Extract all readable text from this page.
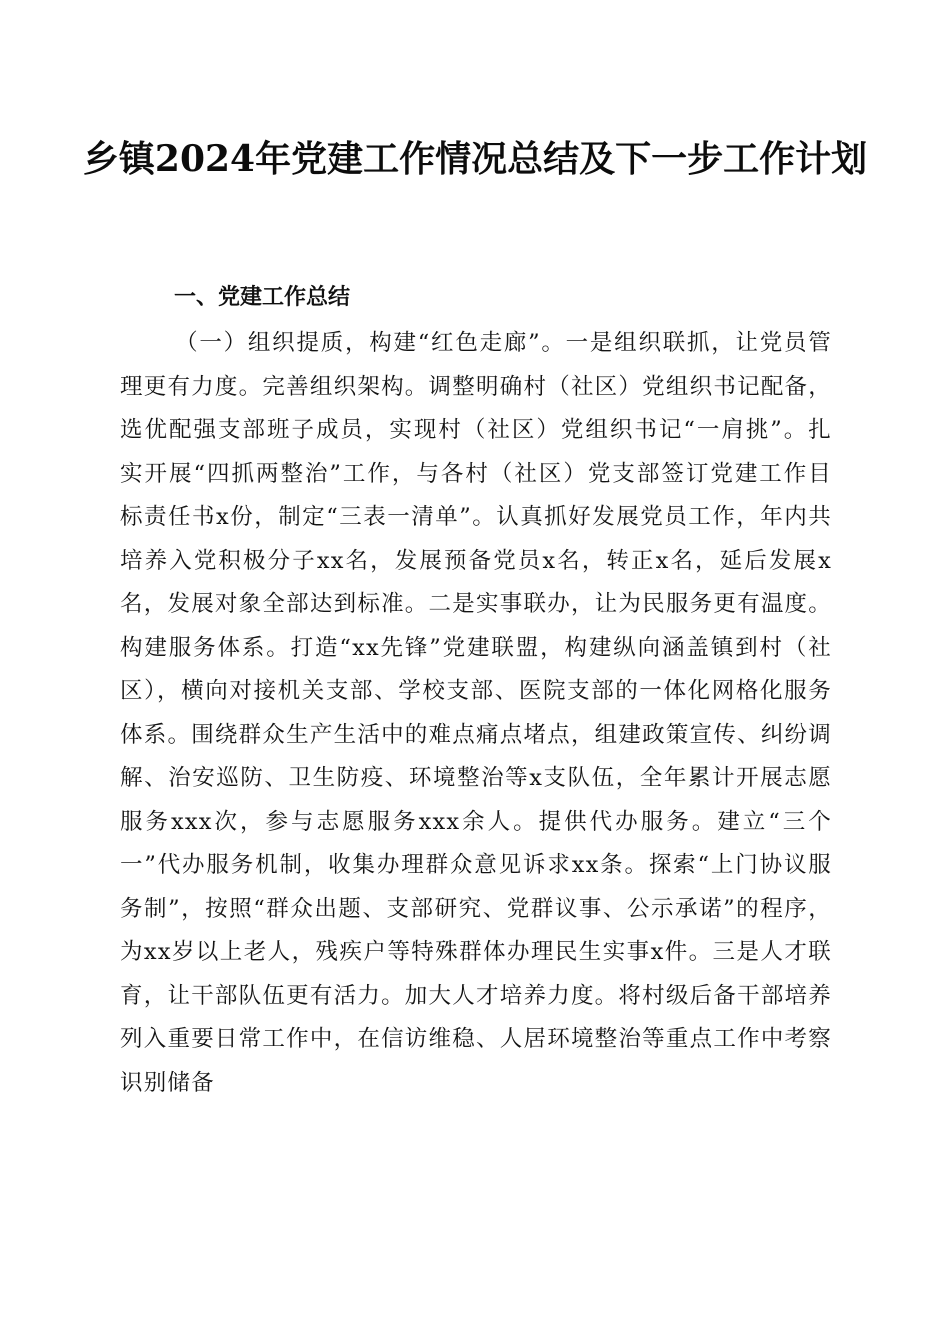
乡镇2024年党建工作情况总结及下一步工作计划
一、党建工作总结

（一）组织提质，构建“红色走廊”。一是组织联抓，让党员管理更有力度。完善组织架构。调整明确村（社区）党组织书记配备，选优配强支部班子成员，实现村（社区）党组织书记“一肩挑”。扎实开展“四抓两整治”工作，与各村（社区）党支部签订党建工作目标责任书x份，制定“三表一清单”。认真抓好发展党员工作，年内共培养入党积极分子xx名，发展预备党员x名，转正x名，延后发展x名，发展对象全部达到标准。二是实事联办，让为民服务更有温度。构建服务体系。打造“xx先锋”党建联盟，构建纵向涵盖镇到村（社区），横向对接机关支部、学校支部、医院支部的一体化网格化服务体系。围绕群众生产生活中的难点痛点堵点，组建政策宣传、纠纷调解、治安巡防、卫生防疫、环境整治等x支队伍，全年累计开展志愿服务xxx次，参与志愿服务xxx余人。提供代办服务。建立“三个一”代办服务机制，收集办理群众意见诉求xx条。探索“上门协议服务制”，按照“群众出题、支部研究、党群议事、公示承诺”的程序，为xx岁以上老人，残疾户等特殊群体办理民生实事x件。三是人才联育，让干部队伍更有活力。加大人才培养力度。将村级后备干部培养列入重要日常工作中，在信访维稳、人居环境整治等重点工作中考察识别储备
